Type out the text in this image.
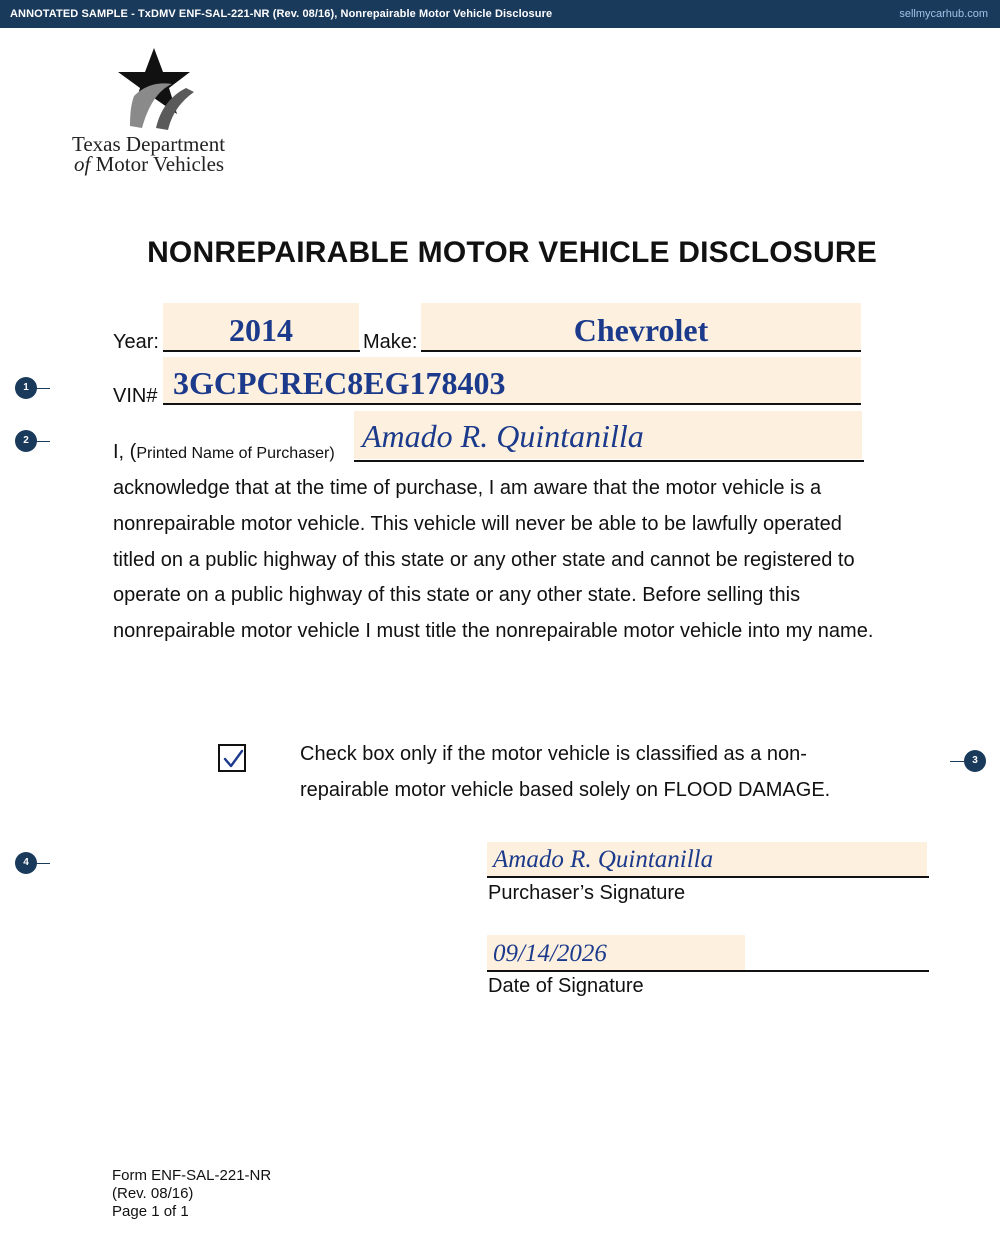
ANNOTATED SAMPLE - TxDMV ENF-SAL-221-NR (Rev. 08/16), Nonrepairable Motor Vehicle Disclosure	sellmycarhub.com
Texas Department
of Motor Vehicles
NONREPAIRABLE MOTOR VEHICLE DISCLOSURE
Year:	2014	Make:	Chevrolet
VIN# 3GCPCREC8EG178403
I, (Printed Name of Purchaser) Amado R. Quintanilla
acknowledge that at the time of purchase, I am aware that the motor vehicle is a
nonrepairable motor vehicle. This vehicle will never be able to be lawfully operated
titled on a public highway of this state or any other state and cannot be registered to
operate on a public highway of this state or any other state. Before selling this
nonrepairable motor vehicle I must title the nonrepairable motor vehicle into my name.
Check box only if the motor vehicle is classified as a non-
repairable motor vehicle based solely on FLOOD DAMAGE.
Amado R. Quintanilla
Purchaser’s Signature
09/14/2026
Date of Signature
1
2
3
4
Form ENF-SAL-221-NR
(Rev. 08/16)
Page 1 of 1
